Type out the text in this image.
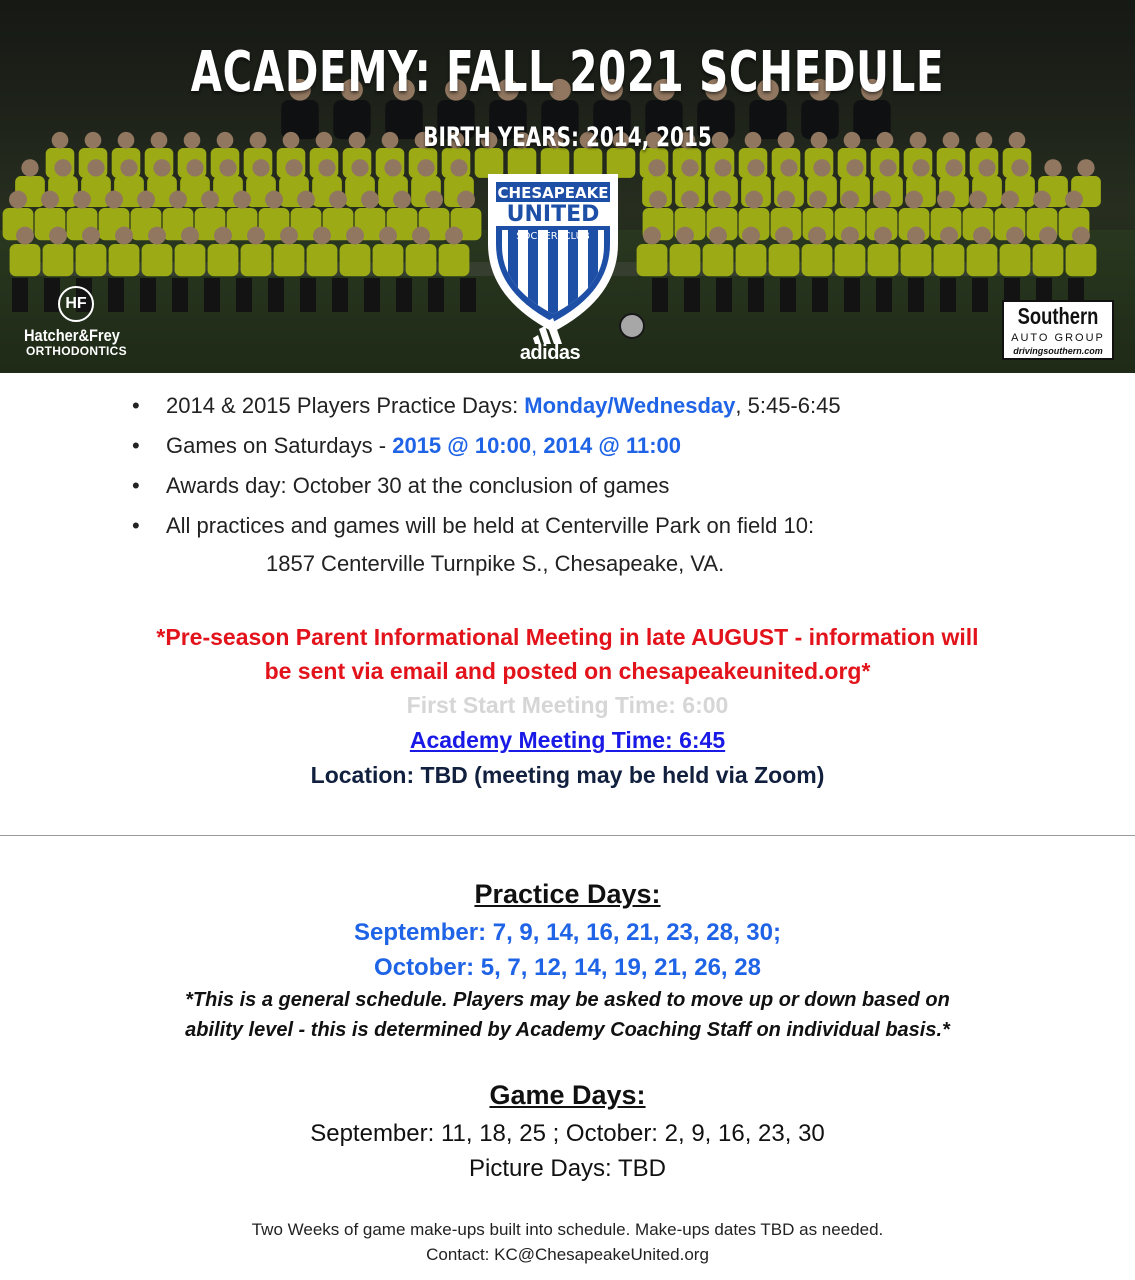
ACADEMY: FALL 2021 SCHEDULE
BIRTH YEARS: 2014, 2015
CHESAPEAKE
UNITED
SOCCER•CLUB
HF
Hatcher&Frey
ORTHODONTICS	adidas
Southern
AUTO GROUP
drivingsouthern.com
• 2014 & 2015 Players Practice Days: Monday/Wednesday, 5:45-6:45
• Games on Saturdays - 2015 @ 10:00, 2014 @ 11:00
• Awards day: October 30 at the conclusion of games
• All practices and games will be held at Centerville Park on field 10:
1857 Centerville Turnpike S., Chesapeake, VA.
*Pre-season Parent Informational Meeting in late AUGUST - information will
be sent via email and posted on chesapeakeunited.org*
First Start Meeting Time: 6:00
Academy Meeting Time: 6:45
Location: TBD (meeting may be held via Zoom)
Practice Days:
September: 7, 9, 14, 16, 21, 23, 28, 30;
October: 5, 7, 12, 14, 19, 21, 26, 28
*This is a general schedule. Players may be asked to move up or down based on
ability level - this is determined by Academy Coaching Staff on individual basis.*
Game Days:
September: 11, 18, 25 ; October: 2, 9, 16, 23, 30
Picture Days: TBD
Two Weeks of game make-ups built into schedule. Make-ups dates TBD as needed.
Contact: KC@ChesapeakeUnited.org
